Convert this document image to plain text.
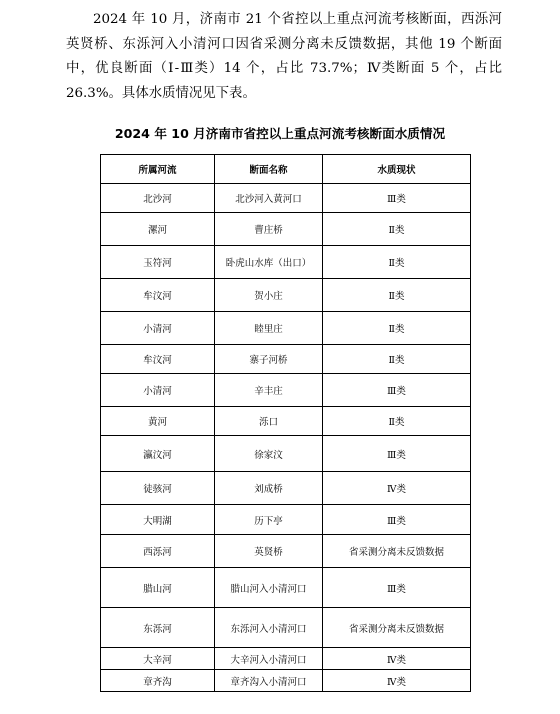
2024 年 10 月，济南市 21 个省控以上重点河流考核断面，西泺河英贤桥、东泺河入小清河口因省采测分离未反馈数据，其他 19 个断面中，优良断面（Ⅰ-Ⅲ类）14 个，占比 73.7%；Ⅳ类断面 5 个，占比 26.3%。具体水质情况见下表。

2024 年 10 月济南市省控以上重点河流考核断面水质情况
所属河流	断面名称	水质现状
北沙河	北沙河入黄河口	Ⅲ类
漯河	曹庄桥	Ⅱ类
玉符河	卧虎山水库（出口）	Ⅱ类
牟汶河	贺小庄	Ⅱ类
小清河	睦里庄	Ⅱ类
牟汶河	寨子河桥	Ⅱ类
小清河	辛丰庄	Ⅲ类
黄河	泺口	Ⅱ类
瀛汶河	徐家汶	Ⅲ类
徒骇河	刘成桥	Ⅳ类
大明湖	历下亭	Ⅲ类
西泺河	英贤桥	省采测分离未反馈数据
腊山河	腊山河入小清河口	Ⅲ类
东泺河	东泺河入小清河口	省采测分离未反馈数据
大辛河	大辛河入小清河口	Ⅳ类
章齐沟	章齐沟入小清河口	Ⅳ类
